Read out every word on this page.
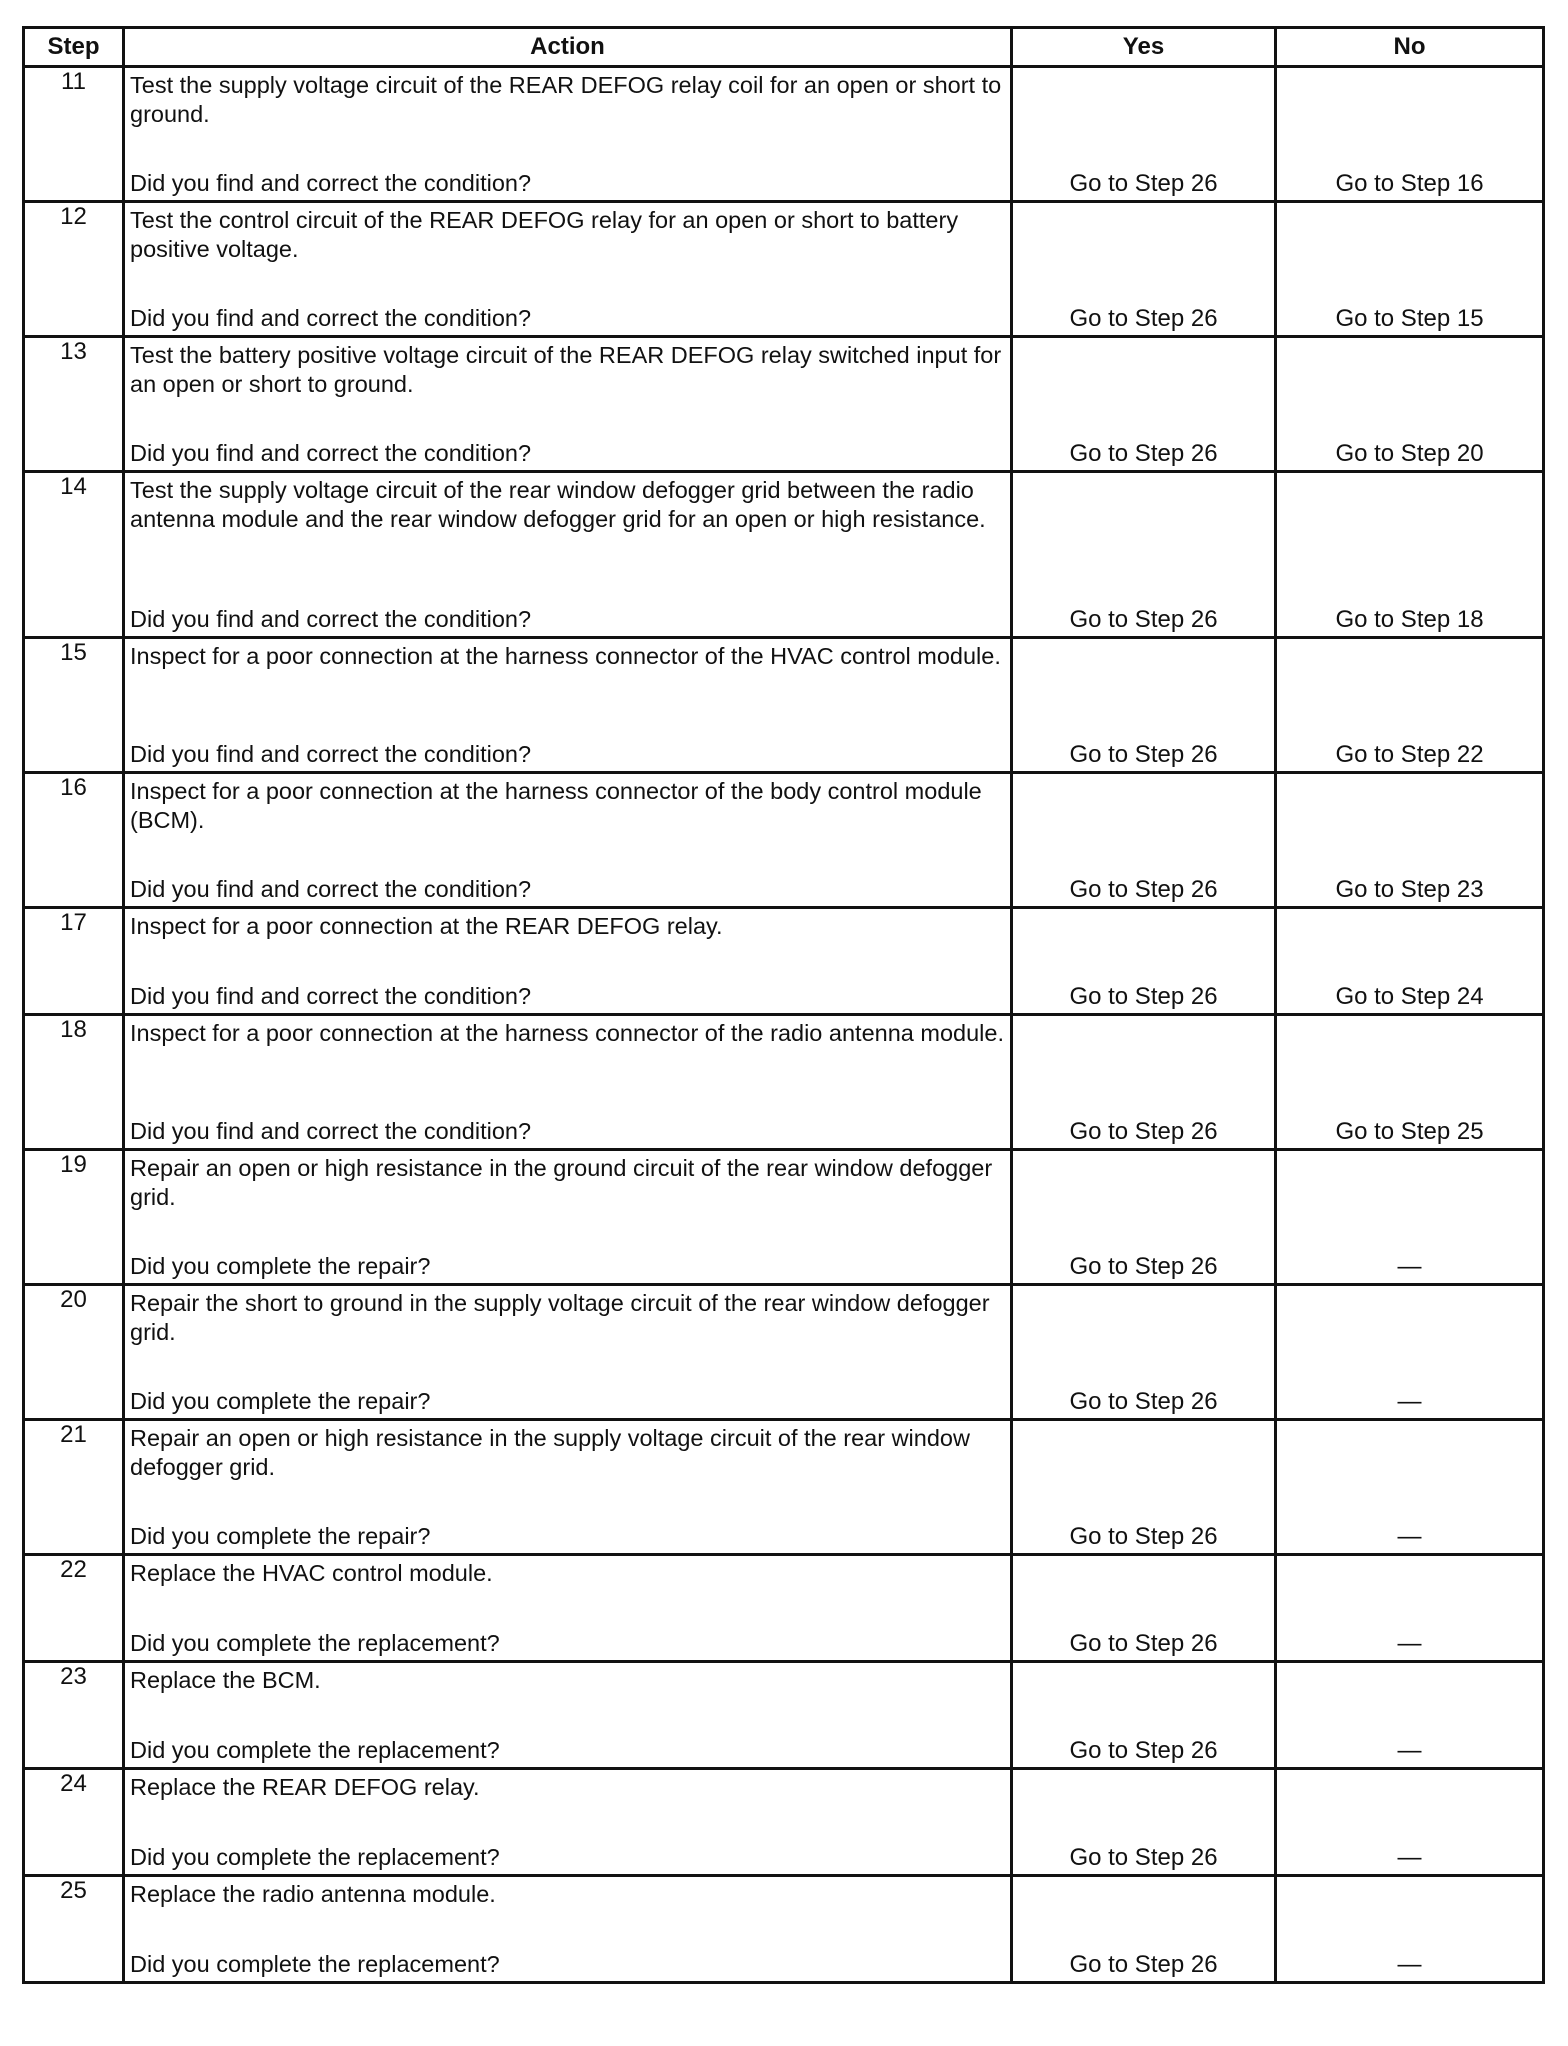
Step	Action	Yes	No
11	Test the supply voltage circuit of the REAR DEFOG relay coil for an open or short to ground.
Did you find and correct the condition?	Go to Step 26	Go to Step 16

12	Test the control circuit of the REAR DEFOG relay for an open or short to battery positive voltage.
Did you find and correct the condition?	Go to Step 26	Go to Step 15

13	Test the battery positive voltage circuit of the REAR DEFOG relay switched input for an open or short to ground.
Did you find and correct the condition?	Go to Step 26	Go to Step 20

14	Test the supply voltage circuit of the rear window defogger grid between the radio antenna module and the rear window defogger grid for an open or high resistance.
Did you find and correct the condition?	Go to Step 26	Go to Step 18

15	Inspect for a poor connection at the harness connector of the HVAC control module.
Did you find and correct the condition?	Go to Step 26	Go to Step 22

16	Inspect for a poor connection at the harness connector of the body control module (BCM).
Did you find and correct the condition?	Go to Step 26	Go to Step 23

17	Inspect for a poor connection at the REAR DEFOG relay.
Did you find and correct the condition?	Go to Step 26	Go to Step 24

18	Inspect for a poor connection at the harness connector of the radio antenna module.
Did you find and correct the condition?	Go to Step 26	Go to Step 25

19	Repair an open or high resistance in the ground circuit of the rear window defogger grid.
Did you complete the repair?	Go to Step 26	—

20	Repair the short to ground in the supply voltage circuit of the rear window defogger grid.
Did you complete the repair?	Go to Step 26	—

21	Repair an open or high resistance in the supply voltage circuit of the rear window defogger grid.
Did you complete the repair?	Go to Step 26	—

22	Replace the HVAC control module.
Did you complete the replacement?	Go to Step 26	—

23	Replace the BCM.
Did you complete the replacement?	Go to Step 26	—

24	Replace the REAR DEFOG relay.
Did you complete the replacement?	Go to Step 26	—

25	Replace the radio antenna module.
Did you complete the replacement?	Go to Step 26	—
